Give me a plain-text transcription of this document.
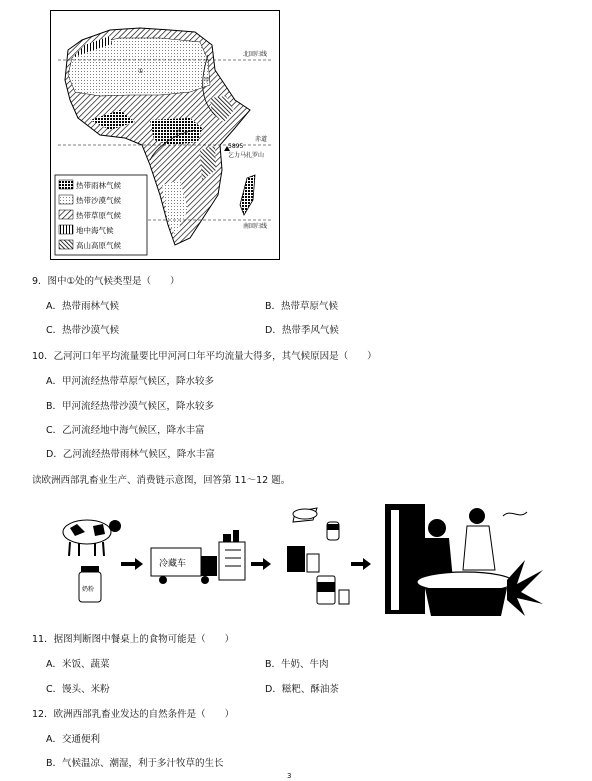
①
甲
乙
北回归线
赤道
南回归线
5895
乞力马扎罗山
热带雨林气候
热带沙漠气候
热带草原气候
地中海气候
高山高原气候
9．图中①处的气候类型是（　　）
A．热带雨林气候	B．热带草原气候
C．热带沙漠气候	D．热带季风气候
10．乙河河口年平均流量要比甲河河口年平均流量大得多，其气候原因是（　　）
A．甲河流经热带草原气候区，降水较多
B．甲河流经热带沙漠气候区，降水较多
C．乙河流经地中海气候区，降水丰富
D．乙河流经热带雨林气候区，降水丰富
读欧洲西部乳畜业生产、消费链示意图，回答第 11～12 题。
奶粉
冷藏车
11．据图判断图中餐桌上的食物可能是（　　）
A．米饭、蔬菜	B．牛奶、牛肉
C．馒头、米粉	D．糍粑、酥油茶
12．欧洲西部乳畜业发达的自然条件是（　　）
A．交通便利
B．气候温凉、潮湿，利于多汁牧草的生长
3
